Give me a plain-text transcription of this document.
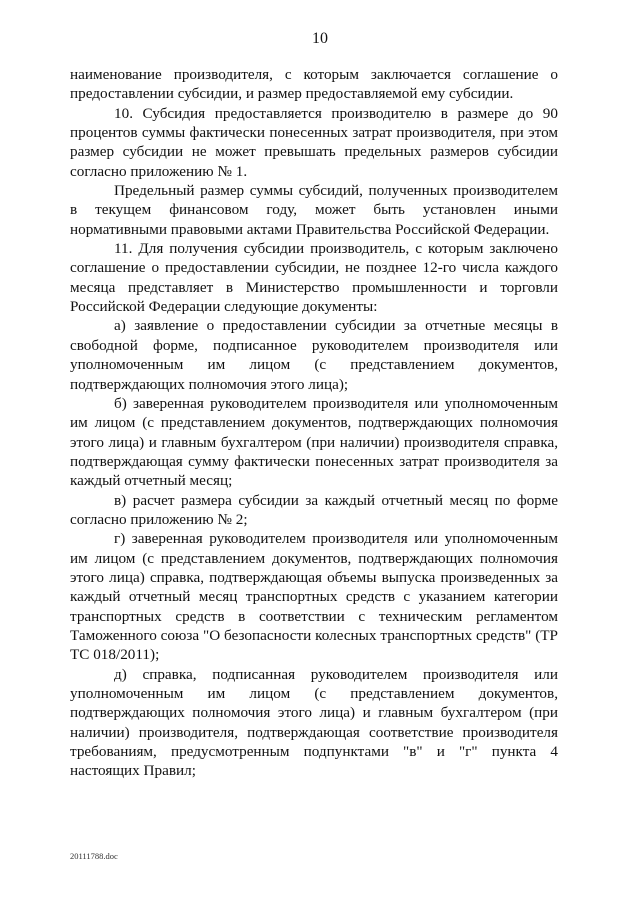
10

наименование производителя, с которым заключается соглашение о предоставлении субсидии, и размер предоставляемой ему субсидии.

10. Субсидия предоставляется производителю в размере до 90 процентов суммы фактически понесенных затрат производителя, при этом размер субсидии не может превышать предельных размеров субсидии согласно приложению № 1.

Предельный размер суммы субсидий, полученных производителем в текущем финансовом году, может быть установлен иными нормативными правовыми актами Правительства Российской Федерации.

11. Для получения субсидии производитель, с которым заключено соглашение о предоставлении субсидии, не позднее 12-го числа каждого месяца представляет в Министерство промышленности и торговли Российской Федерации следующие документы:

а) заявление о предоставлении субсидии за отчетные месяцы в свободной форме, подписанное руководителем производителя или уполномоченным им лицом (с представлением документов, подтверждающих полномочия этого лица);

б) заверенная руководителем производителя или уполномоченным им лицом (с представлением документов, подтверждающих полномочия этого лица) и главным бухгалтером (при наличии) производителя справка, подтверждающая сумму фактически понесенных затрат производителя за каждый отчетный месяц;

в) расчет размера субсидии за каждый отчетный месяц по форме согласно приложению № 2;

г) заверенная руководителем производителя или уполномоченным им лицом (с представлением документов, подтверждающих полномочия этого лица) справка, подтверждающая объемы выпуска произведенных за каждый отчетный месяц транспортных средств с указанием категории транспортных средств в соответствии с техническим регламентом Таможенного союза "О безопасности колесных транспортных средств" (ТР ТС 018/2011);

д) справка, подписанная руководителем производителя или уполномоченным им лицом (с представлением документов, подтверждающих полномочия этого лица) и главным бухгалтером (при наличии) производителя, подтверждающая соответствие производителя требованиям, предусмотренным подпунктами "в" и "г" пункта 4 настоящих Правил;

20111788.doc
